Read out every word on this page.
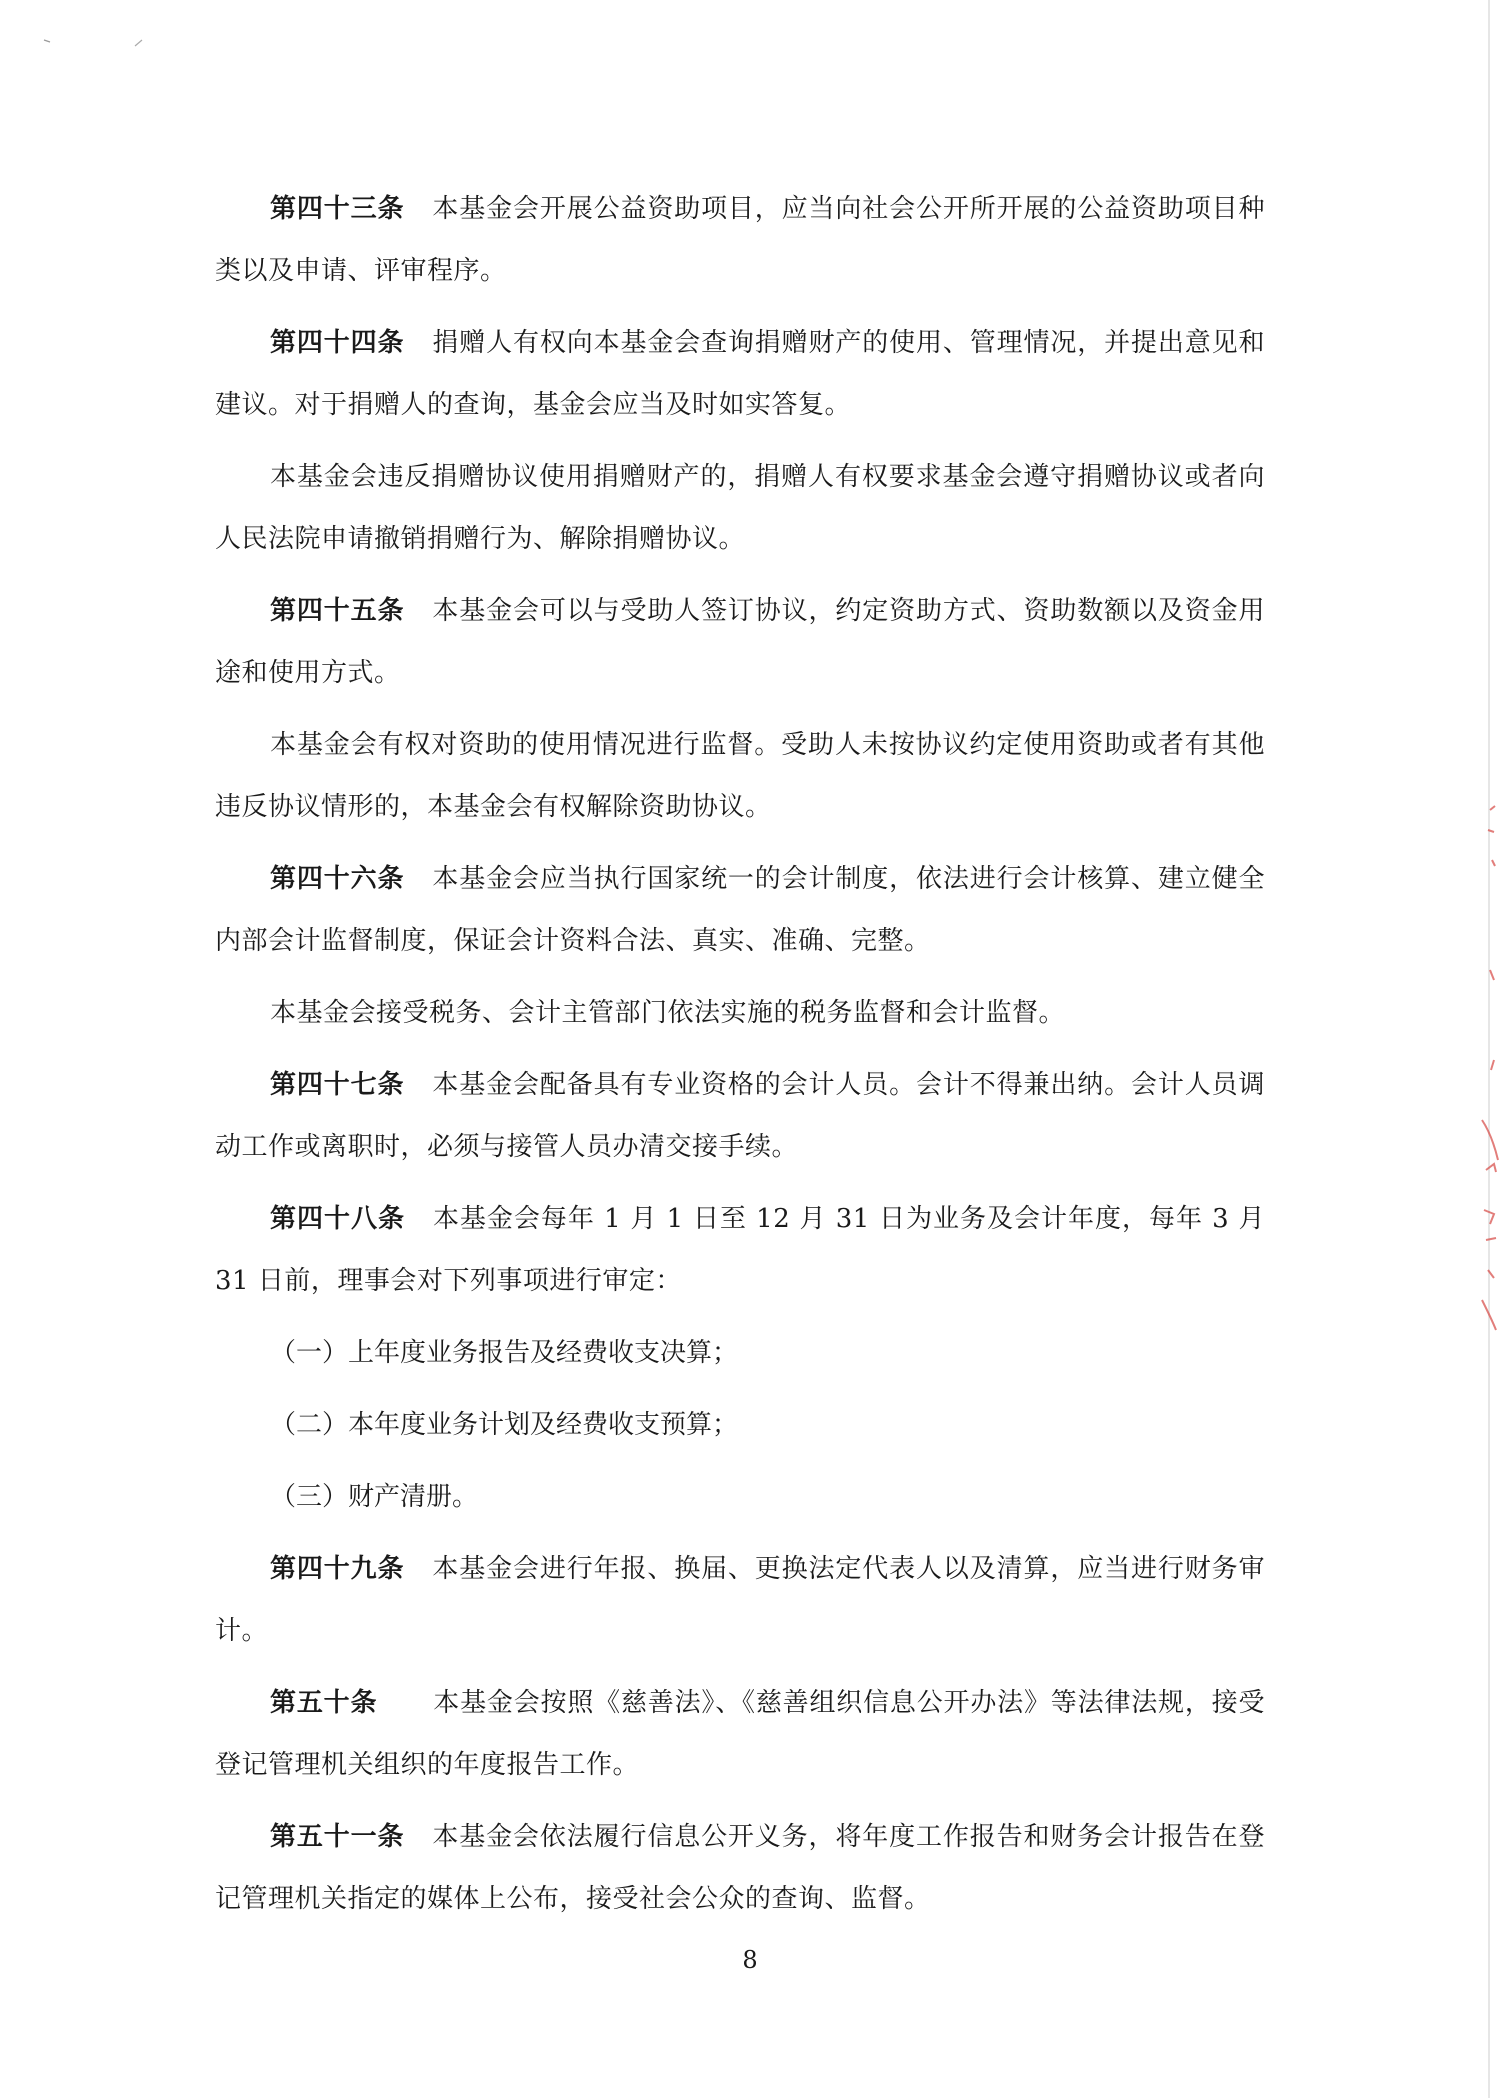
第四十三条 本基金会开展公益资助项目，应当向社会公开所开展的公益资助项目种类以及申请、评审程序。

第四十四条 捐赠人有权向本基金会查询捐赠财产的使用、管理情况，并提出意见和建议。对于捐赠人的查询，基金会应当及时如实答复。

本基金会违反捐赠协议使用捐赠财产的，捐赠人有权要求基金会遵守捐赠协议或者向人民法院申请撤销捐赠行为、解除捐赠协议。

第四十五条 本基金会可以与受助人签订协议，约定资助方式、资助数额以及资金用途和使用方式。

本基金会有权对资助的使用情况进行监督。受助人未按协议约定使用资助或者有其他违反协议情形的，本基金会有权解除资助协议。

第四十六条 本基金会应当执行国家统一的会计制度，依法进行会计核算、建立健全内部会计监督制度，保证会计资料合法、真实、准确、完整。

本基金会接受税务、会计主管部门依法实施的税务监督和会计监督。

第四十七条 本基金会配备具有专业资格的会计人员。会计不得兼出纳。会计人员调动工作或离职时，必须与接管人员办清交接手续。

第四十八条 本基金会每年 1 月 1 日至 12 月 31 日为业务及会计年度，每年 3 月 31 日前，理事会对下列事项进行审定：

（一）上年度业务报告及经费收支决算；

（二）本年度业务计划及经费收支预算；

（三）财产清册。

第四十九条 本基金会进行年报、换届、更换法定代表人以及清算，应当进行财务审计。

第五十条 本基金会按照《慈善法》、《慈善组织信息公开办法》等法律法规，接受登记管理机关组织的年度报告工作。

第五十一条 本基金会依法履行信息公开义务，将年度工作报告和财务会计报告在登记管理机关指定的媒体上公布，接受社会公众的查询、监督。

8
